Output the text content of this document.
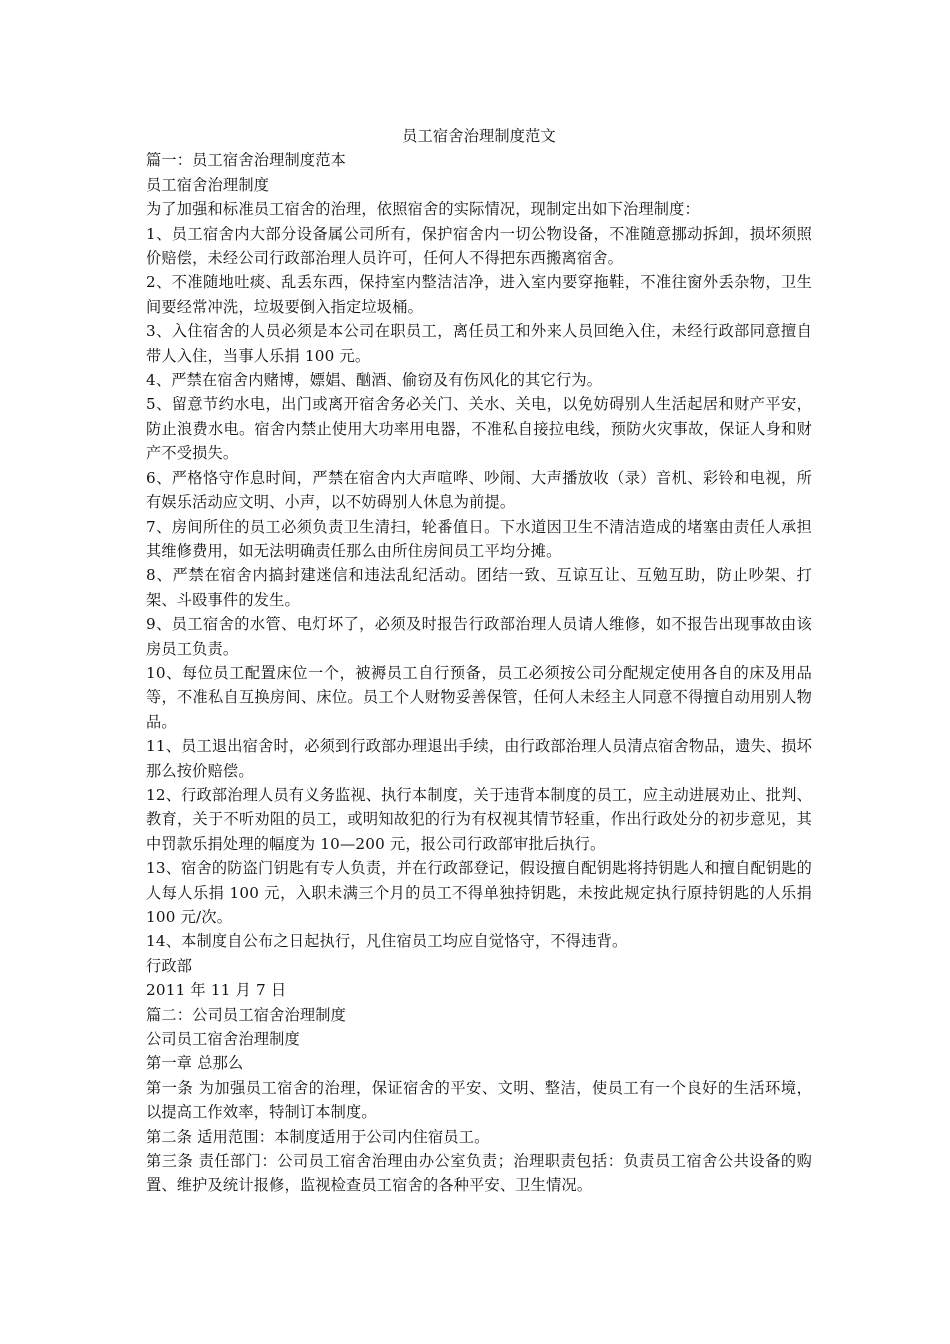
员工宿舍治理制度范文

篇一：员工宿舍治理制度范本

员工宿舍治理制度

为了加强和标准员工宿舍的治理，依照宿舍的实际情况，现制定出如下治理制度：

1、员工宿舍内大部分设备属公司所有，保护宿舍内一切公物设备，不准随意挪动拆卸，损坏须照价赔偿，未经公司行政部治理人员许可，任何人不得把东西搬离宿舍。

2、不准随地吐痰、乱丢东西，保持室内整洁洁净，进入室内要穿拖鞋，不准往窗外丢杂物，卫生间要经常冲洗，垃圾要倒入指定垃圾桶。

3、入住宿舍的人员必须是本公司在职员工，离任员工和外来人员回绝入住，未经行政部同意擅自带人入住，当事人乐捐 100 元。

4、严禁在宿舍内赌博，嫖娼、酗酒、偷窃及有伤风化的其它行为。

5、留意节约水电，出门或离开宿舍务必关门、关水、关电，以免妨碍别人生活起居和财产平安，防止浪费水电。宿舍内禁止使用大功率用电器，不准私自接拉电线，预防火灾事故，保证人身和财产不受损失。

6、严格恪守作息时间，严禁在宿舍内大声喧哗、吵闹、大声播放收（录）音机、彩铃和电视，所有娱乐活动应文明、小声，以不妨碍别人休息为前提。

7、房间所住的员工必须负责卫生清扫，轮番值日。下水道因卫生不清洁造成的堵塞由责任人承担其维修费用，如无法明确责任那么由所住房间员工平均分摊。

8、严禁在宿舍内搞封建迷信和违法乱纪活动。团结一致、互谅互让、互勉互助，防止吵架、打架、斗殴事件的发生。

9、员工宿舍的水管、电灯坏了，必须及时报告行政部治理人员请人维修，如不报告出现事故由该房员工负责。

10、每位员工配置床位一个，被褥员工自行预备，员工必须按公司分配规定使用各自的床及用品等，不准私自互换房间、床位。员工个人财物妥善保管，任何人未经主人同意不得擅自动用别人物品。

11、员工退出宿舍时，必须到行政部办理退出手续，由行政部治理人员清点宿舍物品，遗失、损坏那么按价赔偿。

12、行政部治理人员有义务监视、执行本制度，关于违背本制度的员工，应主动进展劝止、批判、教育，关于不听劝阻的员工，或明知故犯的行为有权视其情节轻重，作出行政处分的初步意见，其中罚款乐捐处理的幅度为 10—200 元，报公司行政部审批后执行。

13、宿舍的防盗门钥匙有专人负责，并在行政部登记，假设擅自配钥匙将持钥匙人和擅自配钥匙的人每人乐捐 100 元，入职未满三个月的员工不得单独持钥匙，未按此规定执行原持钥匙的人乐捐 100 元/次。

14、本制度自公布之日起执行，凡住宿员工均应自觉恪守，不得违背。

行政部

2011 年 11 月 7 日

篇二：公司员工宿舍治理制度

公司员工宿舍治理制度

第一章 总那么

第一条 为加强员工宿舍的治理，保证宿舍的平安、文明、整洁，使员工有一个良好的生活环境，以提高工作效率，特制订本制度。

第二条 适用范围：本制度适用于公司内住宿员工。

第三条 责任部门：公司员工宿舍治理由办公室负责；治理职责包括：负责员工宿舍公共设备的购置、维护及统计报修，监视检查员工宿舍的各种平安、卫生情况。
